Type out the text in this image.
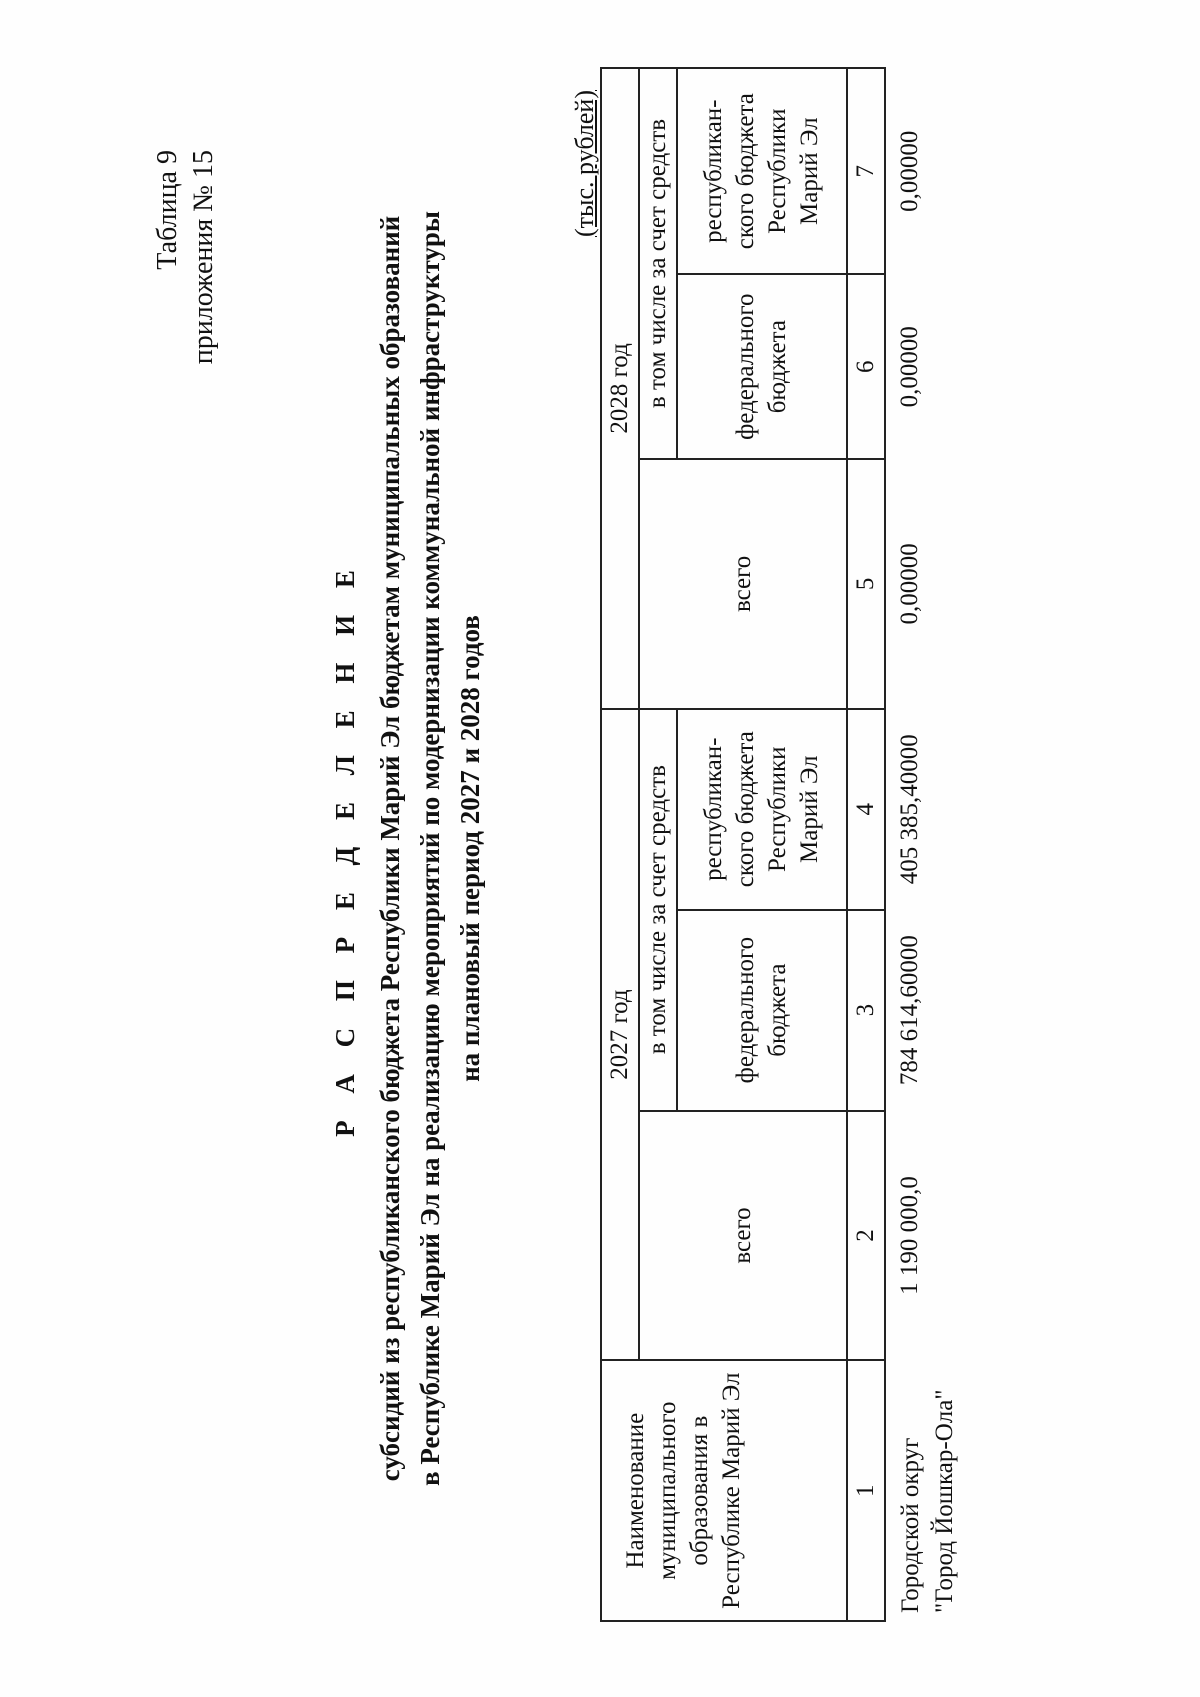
Таблица 9 приложения № 15
Р А С П Р Е Д Е Л Е Н И Е субсидий из республиканского бюджета Республики Марий Эл бюджетам муниципальных образований в Республике Марий Эл на реализацию мероприятий по модернизации коммунальной инфраструктуры на плановый период 2027 и 2028 годов
(тыс. рублей)
Наименование муниципального образования в Республике Марий Эл	2027 год			2028 год		
	всего	в том числе за счет средств		всего	в том числе за счет средств	
		федерального бюджета	республикан-ского бюджета Республики Марий Эл		федерального бюджета	республикан-ского бюджета Республики Марий Эл
1	2	3	4	5	6	7
Городской округ "Город Йошкар-Ола"	1 190 000,0	784 614,60000	405 385,40000	0,00000	0,00000	0,00000
